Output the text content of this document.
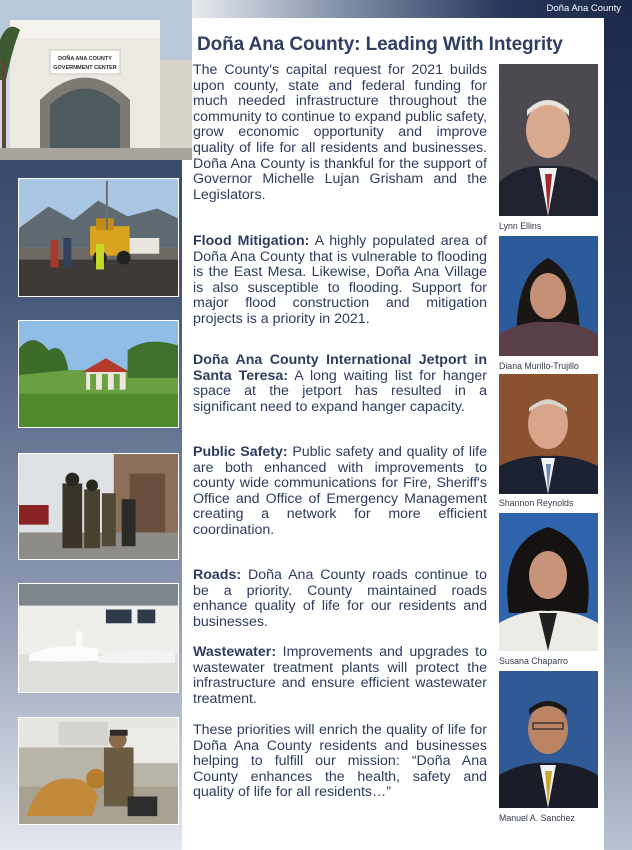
Doña Ana County
DOÑA ANA COUNTY
GOVERNMENT CENTER
Doña Ana County: Leading With Integrity

The County's capital request for 2021 builds upon county, state and federal funding for much needed infrastructure throughout the community to continue to expand public safety, grow economic opportunity and improve quality of life for all residents and businesses. Doña Ana County is thankful for the support of Governor Michelle Lujan Grisham and the Legislators.

Flood Mitigation: A highly populated area of Doña Ana County that is vulnerable to flooding is the East Mesa. Likewise, Doña Ana Village is also susceptible to flooding. Support for major flood construction and mitigation projects is a priority in 2021.

Doña Ana County International Jetport in Santa Teresa: A long waiting list for hanger space at the jetport has resulted in a significant need to expand hanger capacity.

Public Safety: Public safety and quality of life are both enhanced with improvements to county wide communications for Fire, Sheriff's Office and Office of Emergency Management creating a network for more efficient coordination.

Roads: Doña Ana County roads continue to be a priority. County maintained roads enhance quality of life for our residents and businesses.

Wastewater: Improvements and upgrades to wastewater treatment plants will protect the infrastructure and ensure efficient wastewater treatment.

These priorities will enrich the quality of life for Doña Ana County residents and businesses helping to fulfill our mission: “Doña Ana County enhances the health, safety and quality of life for all residents…”

Lynn Ellins
Diana Murillo-Trujillo
Shannon Reynolds
Susana Chaparro
Manuel A. Sanchez
